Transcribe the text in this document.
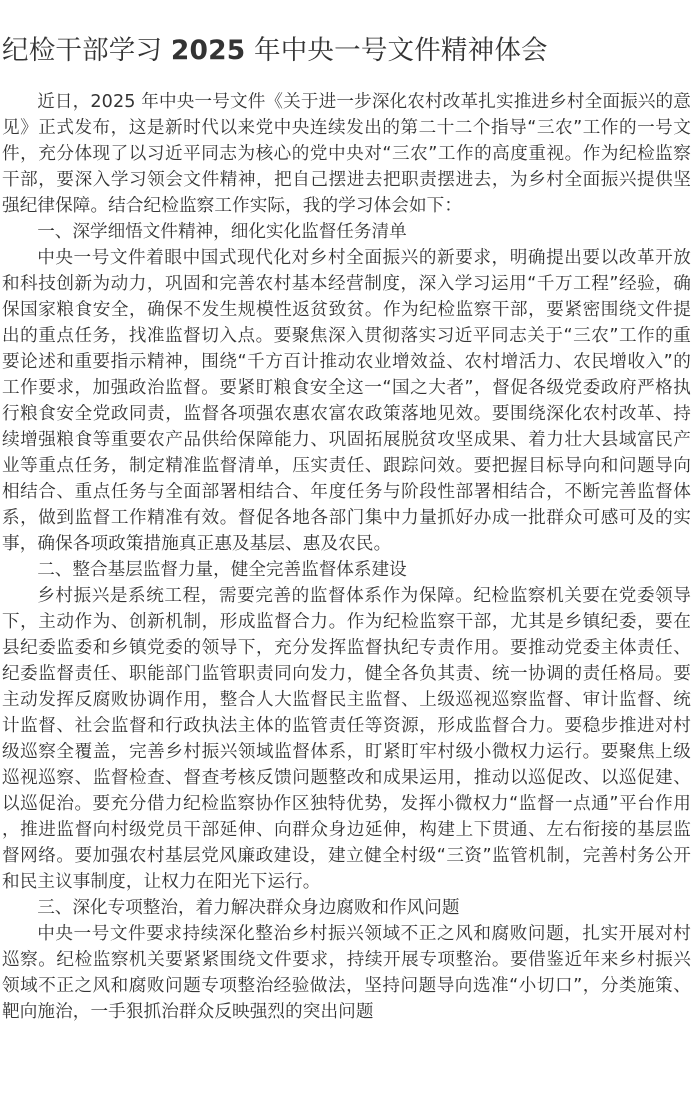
纪检干部学习 2025 年中央一号文件精神体会

近日，2025 年中央一号文件《关于进一步深化农村改革扎实推进乡村全面振兴的意见》正式发布，这是新时代以来党中央连续发出的第二十二个指导“三农”工作的一号文件，充分体现了以习近平同志为核心的党中央对“三农”工作的高度重视。作为纪检监察干部，要深入学习领会文件精神，把自己摆进去把职责摆进去，为乡村全面振兴提供坚强纪律保障。结合纪检监察工作实际，我的学习体会如下：

一、深学细悟文件精神，细化实化监督任务清单

中央一号文件着眼中国式现代化对乡村全面振兴的新要求，明确提出要以改革开放和科技创新为动力，巩固和完善农村基本经营制度，深入学习运用“千万工程”经验，确保国家粮食安全，确保不发生规模性返贫致贫。作为纪检监察干部，要紧密围绕文件提出的重点任务，找准监督切入点。要聚焦深入贯彻落实习近平同志关于“三农”工作的重要论述和重要指示精神，围绕“千方百计推动农业增效益、农村增活力、农民增收入”的工作要求，加强政治监督。要紧盯粮食安全这一“国之大者”，督促各级党委政府严格执行粮食安全党政同责，监督各项强农惠农富农政策落地见效。要围绕深化农村改革、持续增强粮食等重要农产品供给保障能力、巩固拓展脱贫攻坚成果、着力壮大县域富民产业等重点任务，制定精准监督清单，压实责任、跟踪问效。要把握目标导向和问题导向相结合、重点任务与全面部署相结合、年度任务与阶段性部署相结合，不断完善监督体系，做到监督工作精准有效。督促各地各部门集中力量抓好办成一批群众可感可及的实事，确保各项政策措施真正惠及基层、惠及农民。

二、整合基层监督力量，健全完善监督体系建设

乡村振兴是系统工程，需要完善的监督体系作为保障。纪检监察机关要在党委领导下，主动作为、创新机制，形成监督合力。作为纪检监察干部，尤其是乡镇纪委，要在县纪委监委和乡镇党委的领导下，充分发挥监督执纪专责作用。要推动党委主体责任、纪委监督责任、职能部门监管职责同向发力，健全各负其责、统一协调的责任格局。要主动发挥反腐败协调作用，整合人大监督民主监督、上级巡视巡察监督、审计监督、统计监督、社会监督和行政执法主体的监管责任等资源，形成监督合力。要稳步推进对村级巡察全覆盖，完善乡村振兴领域监督体系，盯紧盯牢村级小微权力运行。要聚焦上级巡视巡察、监督检查、督查考核反馈问题整改和成果运用，推动以巡促改、以巡促建、以巡促治。要充分借力纪检监察协作区独特优势，发挥小微权力“监督一点通”平台作用，推进监督向村级党员干部延伸、向群众身边延伸，构建上下贯通、左右衔接的基层监督网络。要加强农村基层党风廉政建设，建立健全村级“三资”监管机制，完善村务公开和民主议事制度，让权力在阳光下运行。

三、深化专项整治，着力解决群众身边腐败和作风问题

中央一号文件要求持续深化整治乡村振兴领域不正之风和腐败问题，扎实开展对村巡察。纪检监察机关要紧紧围绕文件要求，持续开展专项整治。要借鉴近年来乡村振兴领域不正之风和腐败问题专项整治经验做法，坚持问题导向选准“小切口”，分类施策、靶向施治，一手狠抓治群众反映强烈的突出问题
